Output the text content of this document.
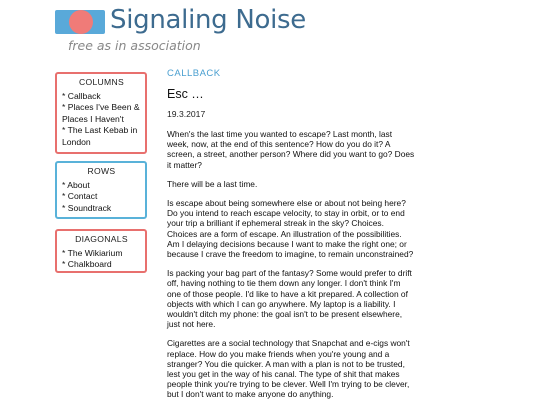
Signaling Noise
free as in association
COLUMNS
* Callback
* Places I've Been & Places I Haven't
* The Last Kebab in London
ROWS
* About
* Contact
* Soundtrack
DIAGONALS
* The Wikiarium
* Chalkboard
CALLBACK
Esc …
19.3.2017

When's the last time you wanted to escape? Last month, last week, now, at the end of this sentence? How do you do it? A screen, a street, another person? Where did you want to go? Does it matter?

There will be a last time.

Is escape about being somewhere else or about not being here? Do you intend to reach escape velocity, to stay in orbit, or to end your trip a brilliant if ephemeral streak in the sky? Choices. Choices are a form of escape. An illustration of the possibilities. Am I delaying decisions because I want to make the right one; or because I crave the freedom to imagine, to remain unconstrained?

Is packing your bag part of the fantasy? Some would prefer to drift off, having nothing to tie them down any longer. I don't think I'm one of those people. I'd like to have a kit prepared. A collection of objects with which I can go anywhere. My laptop is a liability. I wouldn't ditch my phone: the goal isn't to be present elsewhere, just not here.

Cigarettes are a social technology that Snapchat and e-cigs won't replace. How do you make friends when you're young and a stranger? You die quicker. A man with a plan is not to be trusted, lest you get in the way of his canal. The type of shit that makes people think you're trying to be clever. Well I'm trying to be clever, but I don't want to make anyone do anything.
